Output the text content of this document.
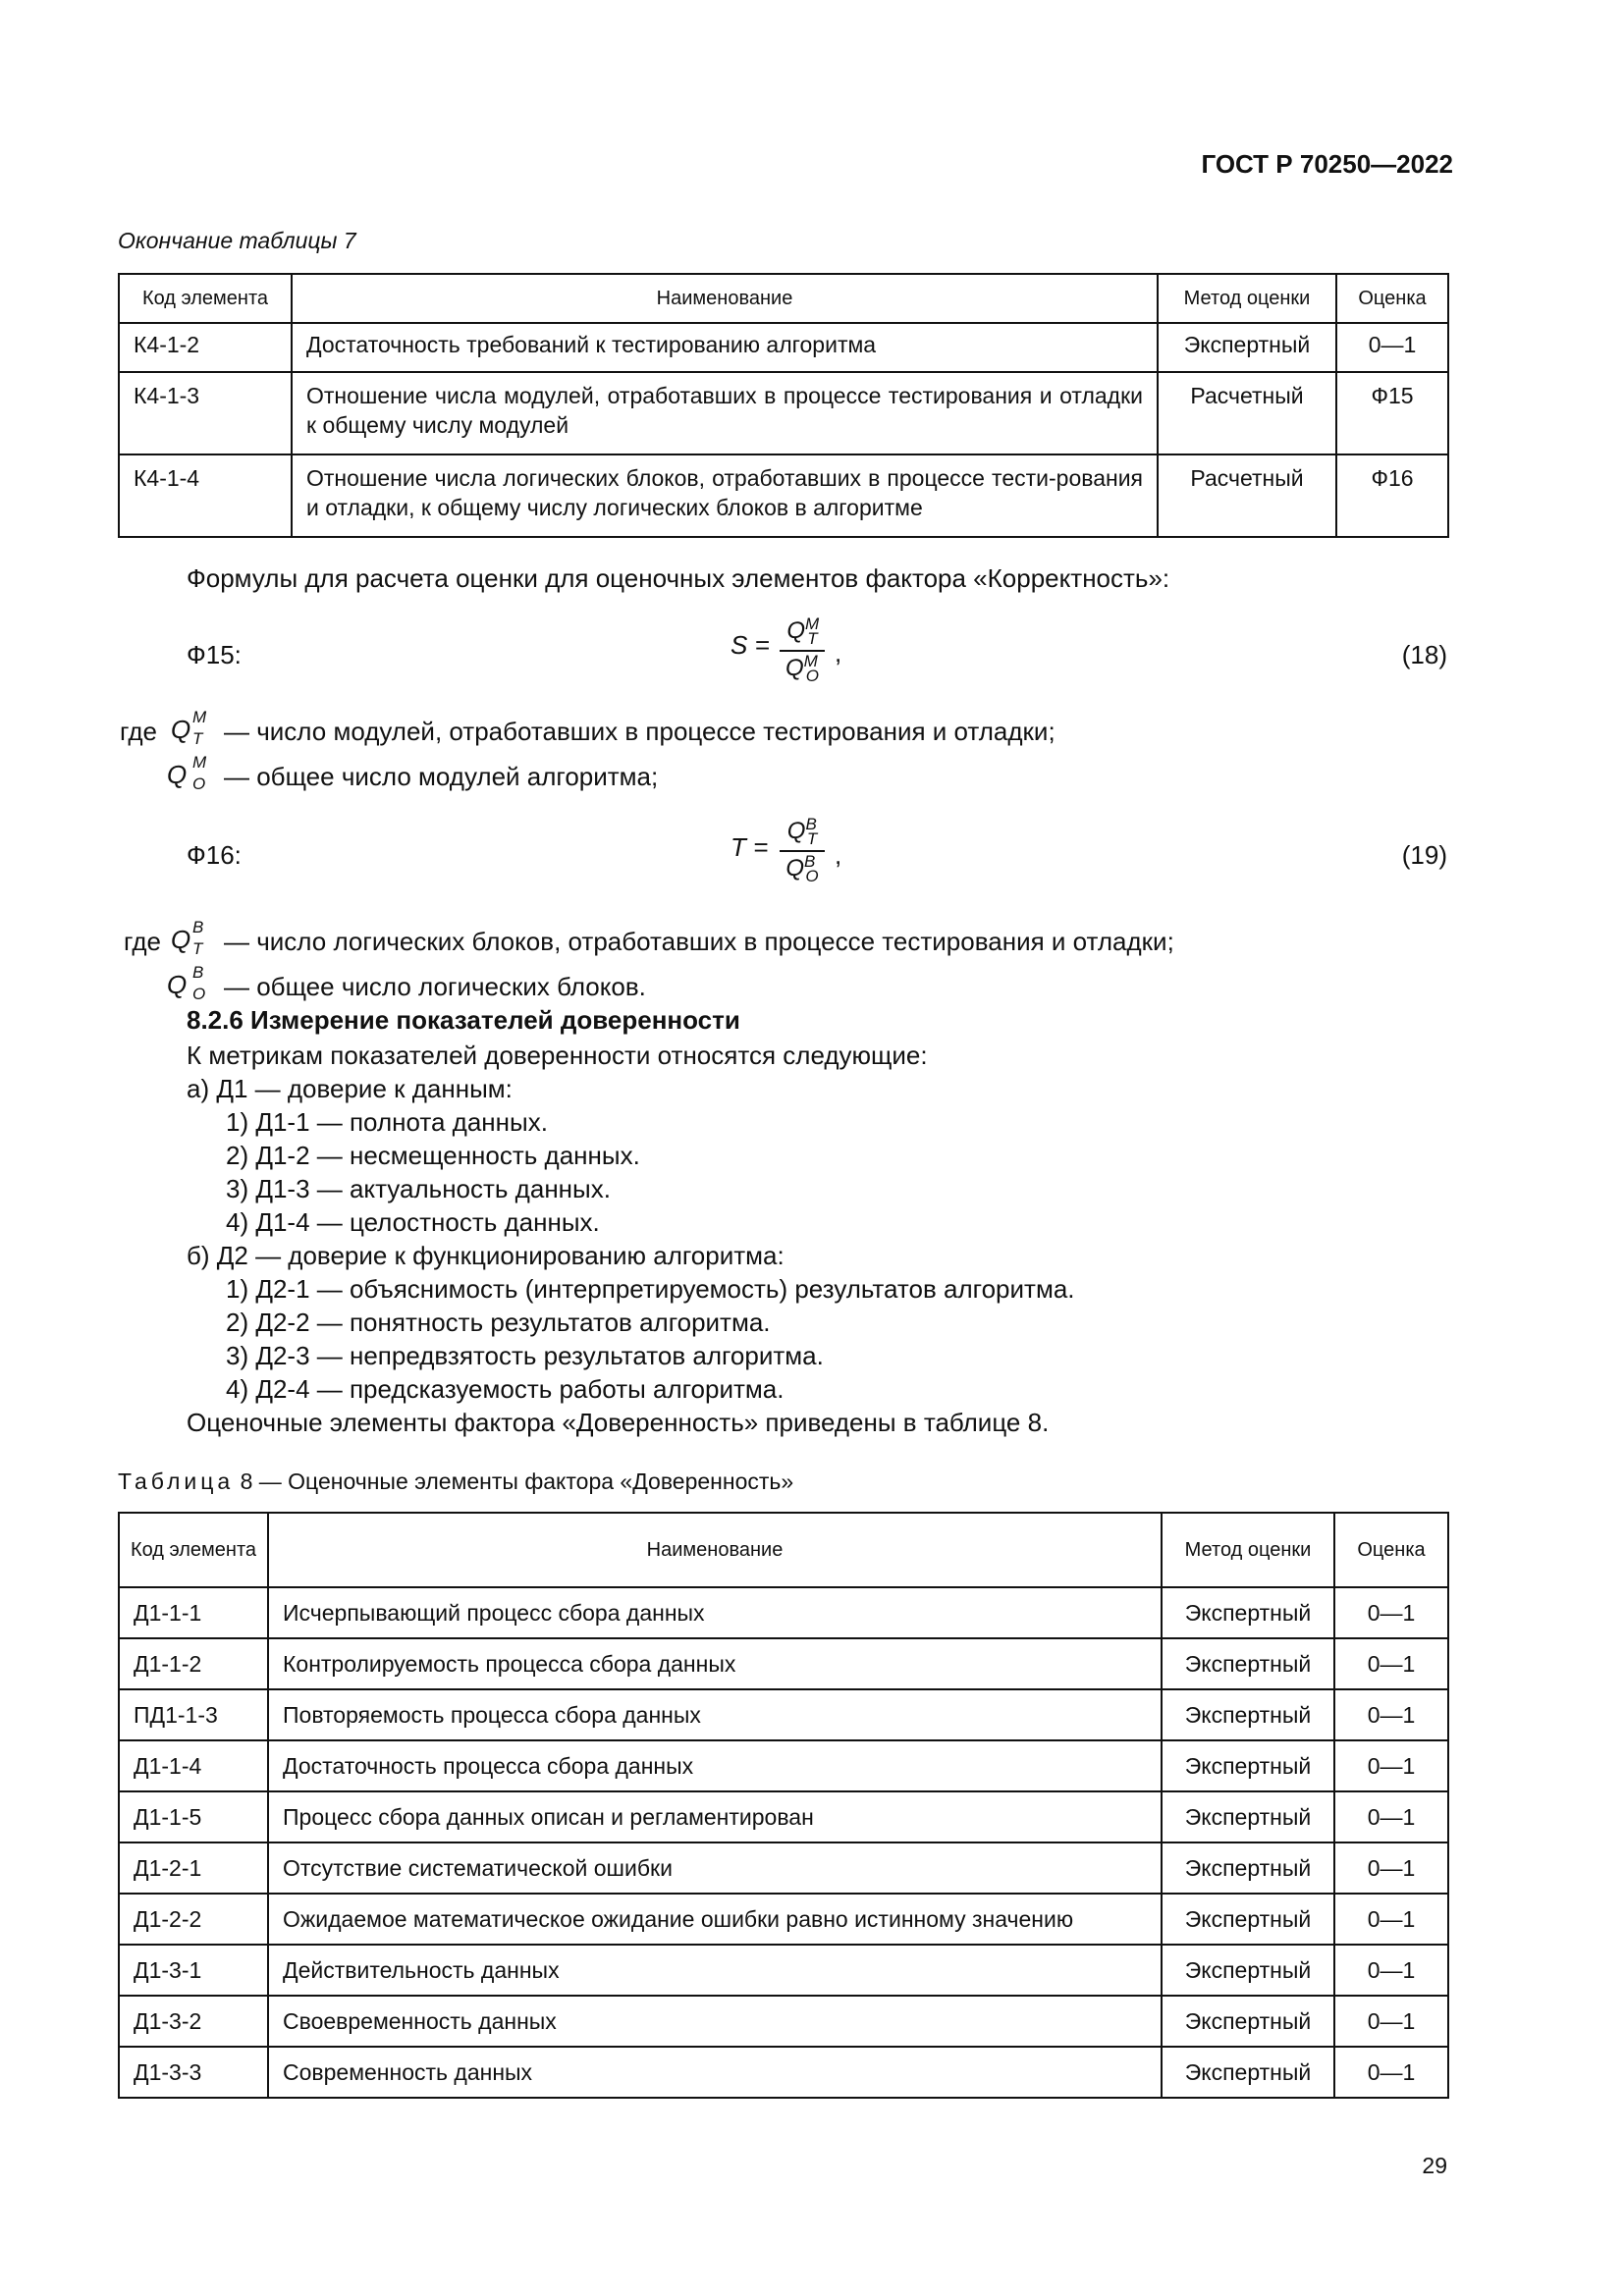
ГОСТ Р 70250—2022
Окончание таблицы 7
Код элемента	Наименование	Метод оценки	Оценка
К4-1-2	Достаточность требований к тестированию алгоритма	Экспертный	0—1
К4-1-3	Отношение числа модулей, отработавших в процессе тестирования и отладки к общему числу модулей	Расчетный	Ф15
К4-1-4	Отношение числа логических блоков, отработавших в процессе тести-рования и отладки, к общему числу логических блоков в алгоритме	Расчетный	Ф16
Формулы для расчета оценки для оценочных элементов фактора «Корректность»:
Ф15:	$S = Q^M_T$
$Q^M_O$
,	(18)
где Q M
T — число модулей, отработавших в процессе тестирования и отладки;
Q M
O — общее число модулей алгоритма;
Ф16:	T =
$Q^B_T$
$Q^B_O$
,	(19)
где Q B
T — число логических блоков, отработавших в процессе тестирования и отладки;
Q B
O — общее число логических блоков.
8.2.6 Измерение показателей доверенности
К метрикам показателей доверенности относятся следующие:
а) Д1 — доверие к данным:
1) Д1-1 — полнота данных.
2) Д1-2 — несмещенность данных.
3) Д1-3 — актуальность данных.
4) Д1-4 — целостность данных.
б) Д2 — доверие к функционированию алгоритма:
1) Д2-1 — объяснимость (интерпретируемость) результатов алгоритма.
2) Д2-2 — понятность результатов алгоритма.
3) Д2-3 — непредвзятость результатов алгоритма.
4) Д2-4 — предсказуемость работы алгоритма.
Оценочные элементы фактора «Доверенность» приведены в таблице 8.
Таблица 8 — Оценочные элементы фактора «Доверенность»
Код элемента	Наименование	Метод оценки	Оценка
Д1-1-1	Исчерпывающий процесс сбора данных	Экспертный	0—1
Д1-1-2	Контролируемость процесса сбора данных	Экспертный	0—1
ПД1-1-3	Повторяемость процесса сбора данных	Экспертный	0—1
Д1-1-4	Достаточность процесса сбора данных	Экспертный	0—1
Д1-1-5	Процесс сбора данных описан и регламентирован	Экспертный	0—1
Д1-2-1	Отсутствие систематической ошибки	Экспертный	0—1
Д1-2-2	Ожидаемое математическое ожидание ошибки равно истинному значению	Экспертный	0—1
Д1-3-1	Действительность данных	Экспертный	0—1
Д1-3-2	Своевременность данных	Экспертный	0—1
Д1-3-3	Современность данных	Экспертный	0—1
29
